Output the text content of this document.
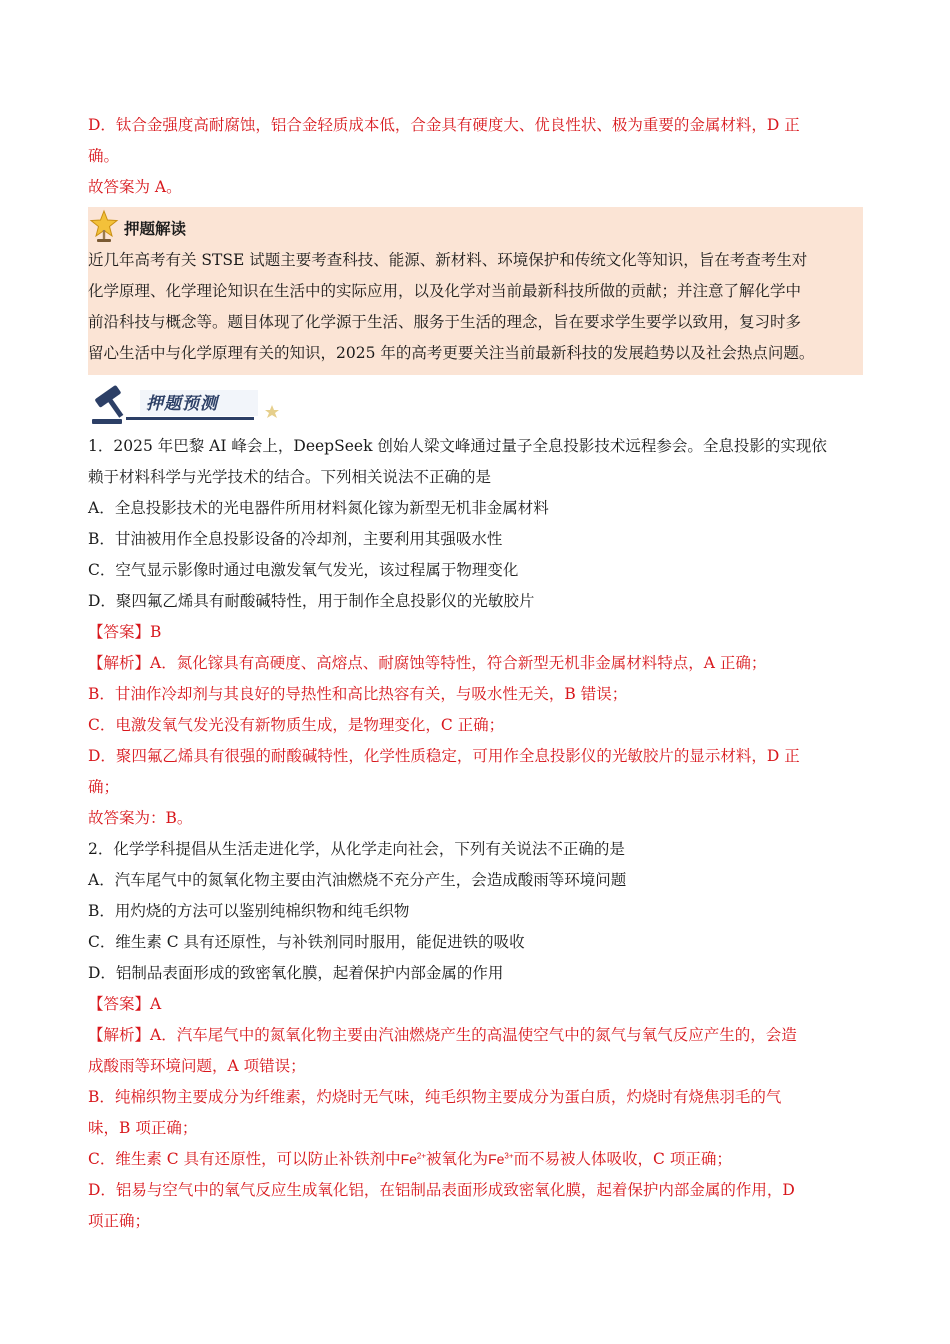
D．钛合金强度高耐腐蚀，铝合金轻质成本低，合金具有硬度大、优良性状、极为重要的金属材料，D 正
确。
故答案为 A。
押题解读
近几年高考有关 STSE 试题主要考查科技、能源、新材料、环境保护和传统文化等知识，旨在考查考生对
化学原理、化学理论知识在生活中的实际应用，以及化学对当前最新科技所做的贡献；并注意了解化学中
前沿科技与概念等。题目体现了化学源于生活、服务于生活的理念，旨在要求学生要学以致用，复习时多
留心生活中与化学原理有关的知识，2025 年的高考更要关注当前最新科技的发展趋势以及社会热点问题。
押题预测
1．2025 年巴黎 AI 峰会上，DeepSeek 创始人梁文峰通过量子全息投影技术远程参会。全息投影的实现依
赖于材料科学与光学技术的结合。下列相关说法不正确的是
A．全息投影技术的光电器件所用材料氮化镓为新型无机非金属材料
B．甘油被用作全息投影设备的冷却剂，主要利用其强吸水性
C．空气显示影像时通过电激发氧气发光，该过程属于物理变化
D．聚四氟乙烯具有耐酸碱特性，用于制作全息投影仪的光敏胶片
【答案】B
【解析】A．氮化镓具有高硬度、高熔点、耐腐蚀等特性，符合新型无机非金属材料特点，A 正确；
B．甘油作冷却剂与其良好的导热性和高比热容有关，与吸水性无关，B 错误；
C．电激发氧气发光没有新物质生成，是物理变化，C 正确；
D．聚四氟乙烯具有很强的耐酸碱特性，化学性质稳定，可用作全息投影仪的光敏胶片的显示材料，D 正
确；
故答案为：B。
2．化学学科提倡从生活走进化学，从化学走向社会，下列有关说法不正确的是
A．汽车尾气中的氮氧化物主要由汽油燃烧不充分产生，会造成酸雨等环境问题
B．用灼烧的方法可以鉴别纯棉织物和纯毛织物
C．维生素 C 具有还原性，与补铁剂同时服用，能促进铁的吸收
D．铝制品表面形成的致密氧化膜，起着保护内部金属的作用
【答案】A
【解析】A．汽车尾气中的氮氧化物主要由汽油燃烧产生的高温使空气中的氮气与氧气反应产生的，会造
成酸雨等环境问题，A 项错误；
B．纯棉织物主要成分为纤维素，灼烧时无气味，纯毛织物主要成分为蛋白质，灼烧时有烧焦羽毛的气
味，B 项正确；
C．维生素 C 具有还原性，可以防止补铁剂中$Fe^{2+}$被氧化为$Fe^{3+}$而不易被人体吸收，C 项正确；
D．铝易与空气中的氧气反应生成氧化铝，在铝制品表面形成致密氧化膜，起着保护内部金属的作用，D
项正确；
